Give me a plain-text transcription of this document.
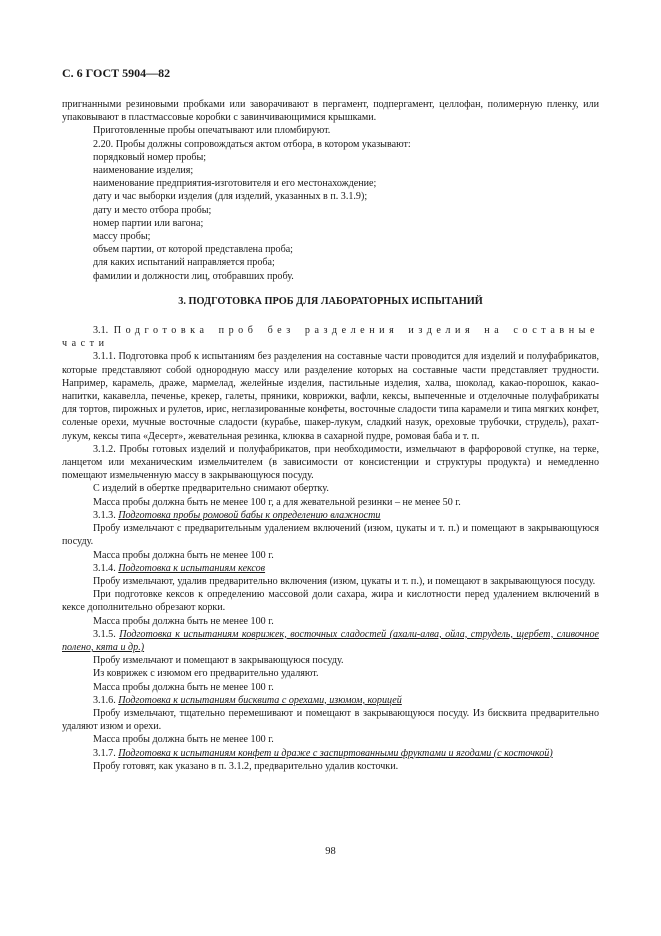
С. 6 ГОСТ 5904—82

пригнанными резиновыми пробками или заворачивают в пергамент, подпергамент, целлофан, полимерную пленку, или упаковывают в пластмассовые коробки с завинчивающимися крышками.

Приготовленные пробы опечатывают или пломбируют.

2.20. Пробы должны сопровождаться актом отбора, в котором указывают:

порядковый номер пробы;

наименование изделия;

наименование предприятия-изготовителя и его местонахождение;

дату и час выборки изделия (для изделий, указанных в п. 3.1.9);

дату и место отбора пробы;

номер партии или вагона;

массу пробы;

объем партии, от которой представлена проба;

для каких испытаний направляется проба;

фамилии и должности лиц, отобравших пробу.

3. ПОДГОТОВКА ПРОБ ДЛЯ ЛАБОРАТОРНЫХ ИСПЫТАНИЙ

3.1. Подготовка проб без разделения изделия на составные части

3.1.1. Подготовка проб к испытаниям без разделения на составные части проводится для изделий и полуфабрикатов, которые представляют собой однородную массу или разделение которых на составные части представляет трудности. Например, карамель, драже, мармелад, желейные изделия, пастильные изделия, халва, шоколад, какао-порошок, какао-напитки, какавелла, печенье, крекер, галеты, пряники, коврижки, вафли, кексы, выпеченные и отделочные полуфабрикаты для тортов, пирожных и рулетов, ирис, неглазированные конфеты, восточные сладости типа карамели и типа мягких конфет, соленые орехи, мучные восточные сладости (курабье, шакер-лукум, сладкий назук, ореховые трубочки, струдель), рахат-лукум, кексы типа «Десерт», жевательная резинка, клюква в сахарной пудре, ромовая баба и т. п.

3.1.2. Пробы готовых изделий и полуфабрикатов, при необходимости, измельчают в фарфоровой ступке, на терке, ланцетом или механическим измельчителем (в зависимости от консистенции и структуры продукта) и немедленно помещают измельченную массу в закрывающуюся посуду.

С изделий в обертке предварительно снимают обертку.

Масса пробы должна быть не менее 100 г, а для жевательной резинки – не менее 50 г.

3.1.3. Подготовка пробы ромовой бабы к определению влажности

Пробу измельчают с предварительным удалением включений (изюм, цукаты и т. п.) и помещают в закрывающуюся посуду.

Масса пробы должна быть не менее 100 г.

3.1.4. Подготовка к испытаниям кексов

Пробу измельчают, удалив предварительно включения (изюм, цукаты и т. п.), и помещают в закрывающуюся посуду.

При подготовке кексов к определению массовой доли сахара, жира и кислотности перед удалением включений в кексе дополнительно обрезают корки.

Масса пробы должна быть не менее 100 г.

3.1.5. Подготовка к испытаниям коврижек, восточных сладостей (ахали-алва, ойла, струдель, щербет, сливочное полено, кята и др.)

Пробу измельчают и помещают в закрывающуюся посуду.

Из коврижек с изюмом его предварительно удаляют.

Масса пробы должна быть не менее 100 г.

3.1.6. Подготовка к испытаниям бисквита с орехами, изюмом, корицей

Пробу измельчают, тщательно перемешивают и помещают в закрывающуюся посуду. Из бисквита предварительно удаляют изюм и орехи.

Масса пробы должна быть не менее 100 г.

3.1.7. Подготовка к испытаниям конфет и драже с заспиртованными фруктами и ягодами (с косточкой)

Пробу готовят, как указано в п. 3.1.2, предварительно удалив косточки.

98
